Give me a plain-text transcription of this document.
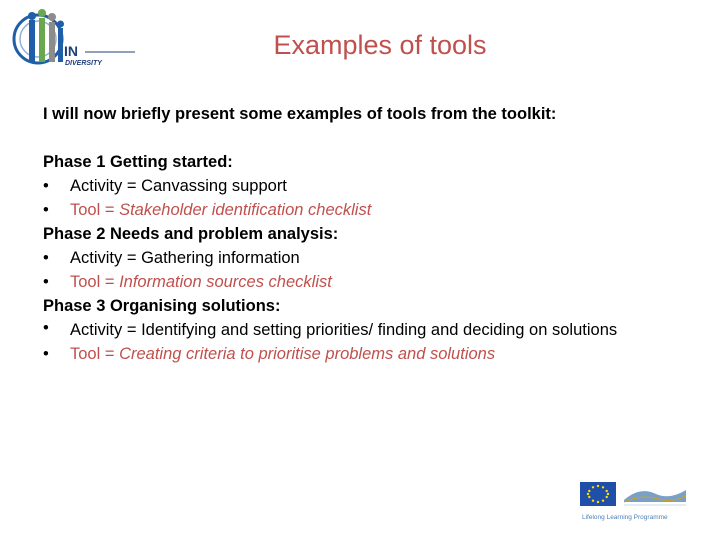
IN
DIVERSITY
Examples of tools
I will now briefly present some examples of tools from the toolkit:
Phase 1 Getting started:
• Activity = Canvassing support
• Tool = Stakeholder identification checklist
Phase 2 Needs and problem analysis:
• Activity = Gathering information
• Tool = Information sources checklist
Phase 3 Organising solutions:
• Activity = Identifying and setting priorities/ finding and deciding on solutions
• Tool = Creating criteria to prioritise problems and solutions
Lifelong Learning Programme
